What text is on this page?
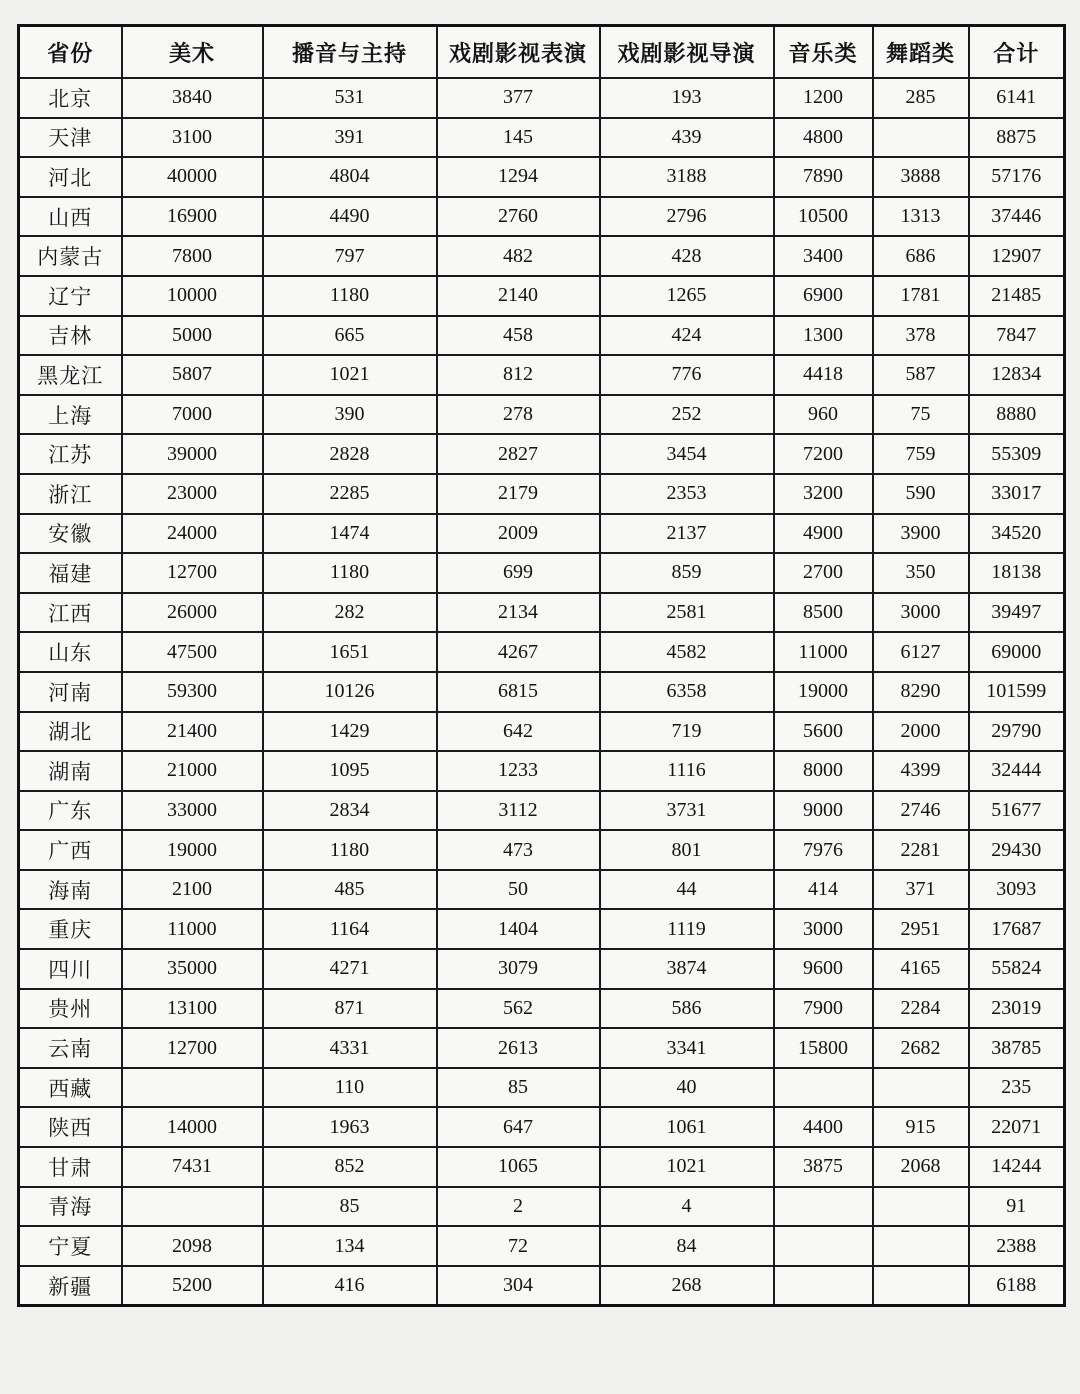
省份	美术	播音与主持	戏剧影视表演	戏剧影视导演	音乐类	舞蹈类	合计
北京	3840	531	377	193	1200	285	6141
天津	3100	391	145	439	4800		8875
河北	40000	4804	1294	3188	7890	3888	57176
山西	16900	4490	2760	2796	10500	1313	37446
内蒙古	7800	797	482	428	3400	686	12907
辽宁	10000	1180	2140	1265	6900	1781	21485
吉林	5000	665	458	424	1300	378	7847
黑龙江	5807	1021	812	776	4418	587	12834
上海	7000	390	278	252	960	75	8880
江苏	39000	2828	2827	3454	7200	759	55309
浙江	23000	2285	2179	2353	3200	590	33017
安徽	24000	1474	2009	2137	4900	3900	34520
福建	12700	1180	699	859	2700	350	18138
江西	26000	282	2134	2581	8500	3000	39497
山东	47500	1651	4267	4582	11000	6127	69000
河南	59300	10126	6815	6358	19000	8290	101599
湖北	21400	1429	642	719	5600	2000	29790
湖南	21000	1095	1233	1116	8000	4399	32444
广东	33000	2834	3112	3731	9000	2746	51677
广西	19000	1180	473	801	7976	2281	29430
海南	2100	485	50	44	414	371	3093
重庆	11000	1164	1404	1119	3000	2951	17687
四川	35000	4271	3079	3874	9600	4165	55824
贵州	13100	871	562	586	7900	2284	23019
云南	12700	4331	2613	3341	15800	2682	38785
西藏		110	85	40			235
陕西	14000	1963	647	1061	4400	915	22071
甘肃	7431	852	1065	1021	3875	2068	14244
青海		85	2	4			91
宁夏	2098	134	72	84			2388
新疆	5200	416	304	268			6188
